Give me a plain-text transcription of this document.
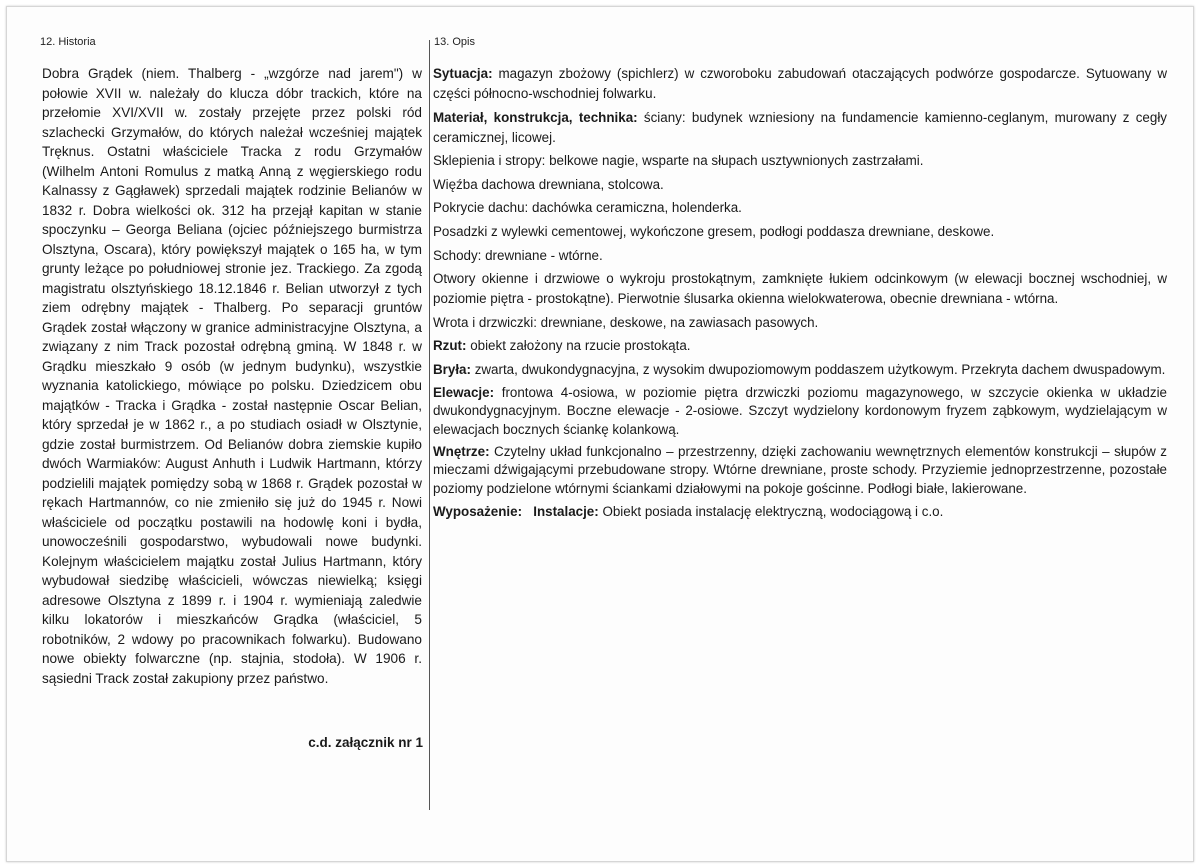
12. Historia	13. Opis

Dobra Grądek (niem. Thalberg - „wzgórze nad jarem") w połowie XVII w. należały do klucza dóbr trackich, które na przełomie XVI/XVII w. zostały przejęte przez polski ród szlachecki Grzymałów, do których należał wcześniej majątek Tręknus. Ostatni właściciele Tracka z rodu Grzymałów (Wilhelm Antoni Romulus z matką Anną z węgierskiego rodu Kalnassy z Gągławek) sprzedali majątek rodzinie Belianów w 1832 r. Dobra wielkości ok. 312 ha przejął kapitan w stanie spoczynku – Georga Beliana (ojciec późniejszego burmistrza Olsztyna, Oscara), który powiększył majątek o 165 ha, w tym grunty leżące po południowej stronie jez. Trackiego. Za zgodą magistratu olsztyńskiego 18.12.1846 r. Belian utworzył z tych ziem odrębny majątek - Thalberg. Po separacji gruntów Grądek został włączony w granice administracyjne Olsztyna, a związany z nim Track pozostał odrębną gminą. W 1848 r. w Grądku mieszkało 9 osób (w jednym budynku), wszystkie wyznania katolickiego, mówiące po polsku. Dziedzicem obu majątków - Tracka i Grądka - został następnie Oscar Belian, który sprzedał je w 1862 r., a po studiach osiadł w Olsztynie, gdzie został burmistrzem. Od Belianów dobra ziemskie kupiło dwóch Warmiaków: August Anhuth i Ludwik Hartmann, którzy podzielili majątek pomiędzy sobą w 1868 r. Grądek pozostał w rękach Hartmannów, co nie zmieniło się już do 1945 r. Nowi właściciele od początku postawili na hodowlę koni i bydła, unowocześnili gospodarstwo, wybudowali nowe budynki. Kolejnym właścicielem majątku został Julius Hartmann, który wybudował siedzibę właścicieli, wówczas niewielką; księgi adresowe Olsztyna z 1899 r. i 1904 r. wymieniają zaledwie kilku lokatorów i mieszkańców Grądka (właściciel, 5 robotników, 2 wdowy po pracownikach folwarku). Budowano nowe obiekty folwarczne (np. stajnia, stodoła). W 1906 r. sąsiedni Track został zakupiony przez państwo.

c.d. załącznik nr 1
Sytuacja: magazyn zbożowy (spichlerz) w czworoboku zabudowań otaczających podwórze gospodarcze. Sytuowany w części północno-wschodniej folwarku.
Materiał, konstrukcja, technika: ściany: budynek wzniesiony na fundamencie kamienno-ceglanym, murowany z cegły ceramicznej, licowej.
Sklepienia i stropy: belkowe nagie, wsparte na słupach usztywnionych zastrzałami.
Więźba dachowa drewniana, stolcowa.
Pokrycie dachu: dachówka ceramiczna, holenderka.
Posadzki z wylewki cementowej, wykończone gresem, podłogi poddasza drewniane, deskowe.
Schody: drewniane - wtórne.
Otwory okienne i drzwiowe o wykroju prostokątnym, zamknięte łukiem odcinkowym (w elewacji bocznej wschodniej, w poziomie piętra - prostokątne). Pierwotnie ślusarka okienna wielokwaterowa, obecnie drewniana - wtórna.
Wrota i drzwiczki: drewniane, deskowe, na zawiasach pasowych.
Rzut: obiekt założony na rzucie prostokąta.
Bryła: zwarta, dwukondygnacyjna, z wysokim dwupoziomowym poddaszem użytkowym. Przekryta dachem dwuspadowym.
Elewacje: frontowa 4-osiowa, w poziomie piętra drzwiczki poziomu magazynowego, w szczycie okienka w układzie dwukondygnacyjnym. Boczne elewacje - 2-osiowe. Szczyt wydzielony kordonowym fryzem ząbkowym, wydzielającym w elewacjach bocznych ściankę kolankową.
Wnętrze: Czytelny układ funkcjonalno – przestrzenny, dzięki zachowaniu wewnętrznych elementów konstrukcji – słupów z mieczami dźwigającymi przebudowane stropy. Wtórne drewniane, proste schody. Przyziemie jednoprzestrzenne, pozostałe poziomy podzielone wtórnymi ściankami działowymi na pokoje gościnne. Podłogi białe, lakierowane.
Wyposażenie: Instalacje: Obiekt posiada instalację elektryczną, wodociągową i c.o.
